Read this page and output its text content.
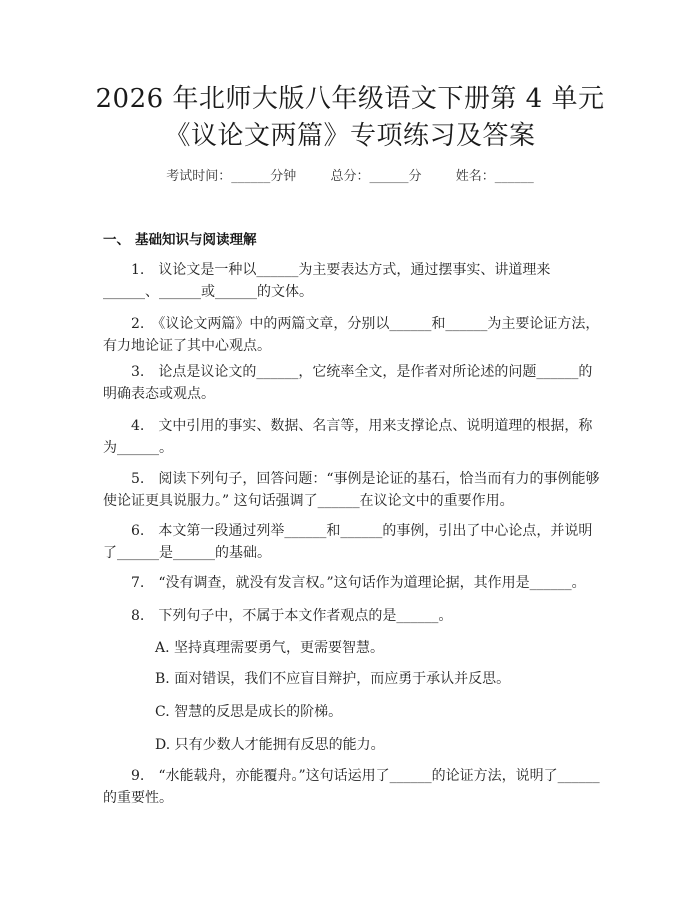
2026 年北师大版八年级语文下册第 4 单元
《议论文两篇》专项练习及答案
考试时间：______分钟	总分：______分	姓名：______
一、 基础知识与阅读理解
1.　议论文是一种以______为主要表达方式，通过摆事实、讲道理来______、______或______的文体。
2.　《议论文两篇》中的两篇文章，分别以______和______为主要论证方法，有力地论证了其中心观点。
3.　论点是议论文的______，它统率全文，是作者对所论述的问题______的明确表态或观点。
4.　文中引用的事实、数据、名言等，用来支撑论点、说明道理的根据，称为______。
5.　阅读下列句子，回答问题：“事例是论证的基石，恰当而有力的事例能够使论证更具说服力。” 这句话强调了______在议论文中的重要作用。
6.　本文第一段通过列举______和______的事例，引出了中心论点，并说明了______是______的基础。
7.　“没有调查，就没有发言权。”这句话作为道理论据，其作用是______。
8.　下列句子中，不属于本文作者观点的是______。
A. 坚持真理需要勇气，更需要智慧。
B. 面对错误，我们不应盲目辩护，而应勇于承认并反思。
C. 智慧的反思是成长的阶梯。
D. 只有少数人才能拥有反思的能力。
9.　“水能载舟，亦能覆舟。”这句话运用了______的论证方法，说明了______的重要性。
